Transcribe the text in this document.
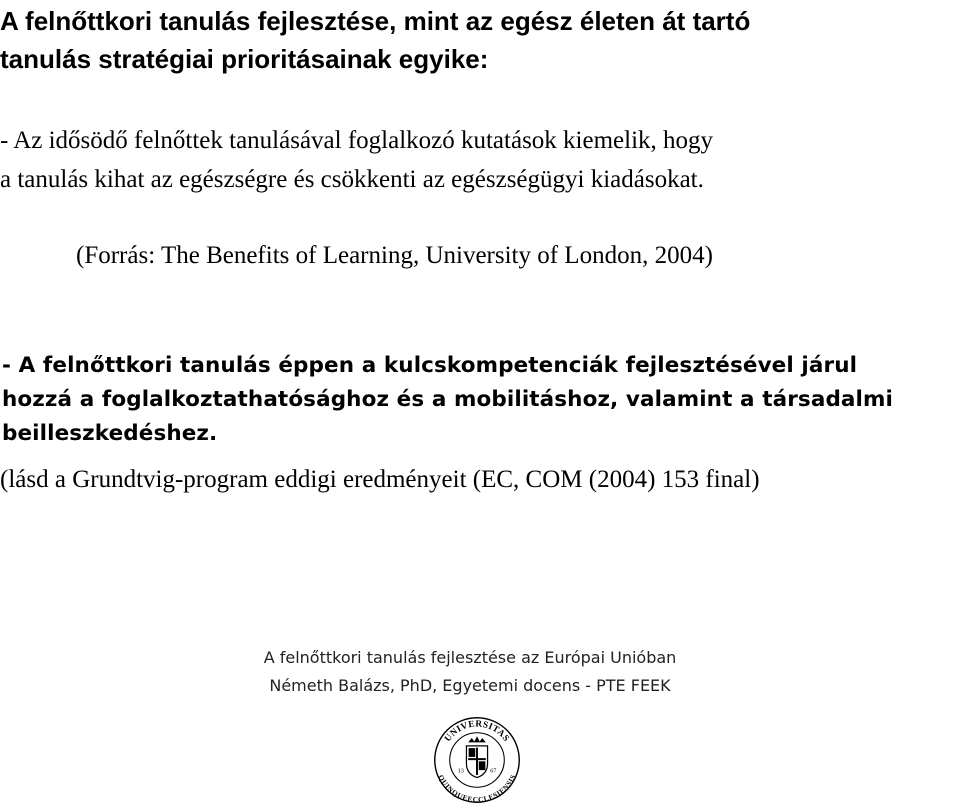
A felnőttkori tanulás fejlesztése, mint az egész életen át tartó
tanulás stratégiai prioritásainak egyike:

- Az idősödő felnőttek tanulásával foglalkozó kutatások kiemelik, hogy
a tanulás kihat az egészségre és csökkenti az egészségügyi kiadásokat.

(Forrás: The Benefits of Learning, University of London, 2004)

- A felnőttkori tanulás éppen a kulcskompetenciák fejlesztésével járul
hozzá a foglalkoztathatósághoz és a mobilitáshoz, valamint a társadalmi
beilleszkedéshez.

(lásd a Grundtvig-program eddigi eredményeit (EC, COM (2004) 153 final)

A felnőttkori tanulás fejlesztése az Európai Unióban
Németh Balázs, PhD, Egyetemi docens - PTE FEEK
UNIVERSITAS
QUINQUEECCLESIENSIS
13	67
